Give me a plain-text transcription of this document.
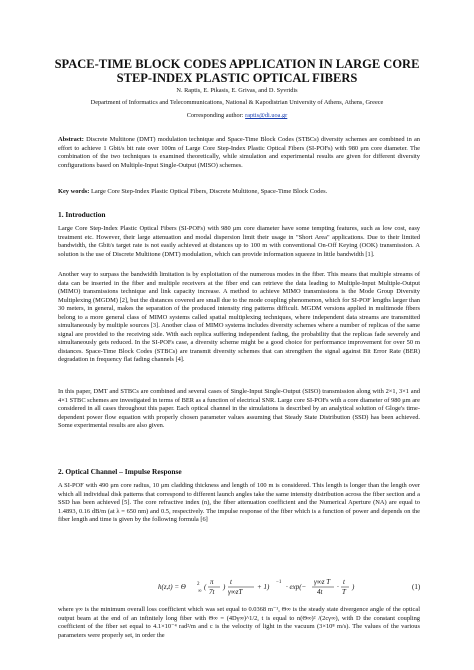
SPACE-TIME BLOCK CODES APPLICATION IN LARGE CORE
STEP-INDEX PLASTIC OPTICAL FIBERS
N. Raptis, E. Pikasis, E. Grivas, and D. Syvridis
Department of Informatics and Telecommunications, National & Kapodistrian University of Athens, Athens, Greece
Corresponding author: raptis@di.uoa.gr
Abstract: Discrete Multitone (DMT) modulation technique and Space-Time Block Codes (STBCs) diversity schemes are combined in an effort to achieve 1 Gbit/s bit rate over 100m of Large Core Step-Index Plastic Optical Fibers (SI-POFs) with 980 μm core diameter. The combination of the two techniques is examined theoretically, while simulation and experimental results are given for different diversity configurations based on Multiple-Input Single-Output (MISO) schemes.
Key words: Large Core Step-Index Plastic Optical Fibers, Discrete Multitone, Space-Time Block Codes.
1. Introduction
Large Core Step-Index Plastic Optical Fibers (SI-POFs) with 980 μm core diameter have some tempting features, such as low cost, easy treatment etc. However, their large attenuation and modal dispersion limit their usage in "Short Area" applications. Due to their limited bandwidth, the Gbit/s target rate is not easily achieved at distances up to 100 m with conventional On-Off Keying (OOK) transmission. A solution is the use of Discrete Multitone (DMT) modulation, which can provide information squeeze in little bandwidth [1].
Another way to surpass the bandwidth limitation is by exploitation of the numerous modes in the fiber. This means that multiple streams of data can be inserted in the fiber and multiple receivers at the fiber end can retrieve the data leading to Multiple-Input Multiple-Output (MIMO) transmissions technique and link capacity increase. A method to achieve MIMO transmissions is the Mode Group Diversity Multiplexing (MGDM) [2], but the distances covered are small due to the mode coupling phenomenon, which for SI-POF lengths larger than 30 meters, in general, makes the separation of the produced intensity ring patterns difficult. MGDM versions applied in multimode fibers belong to a more general class of MIMO systems called spatial multiplexing techniques, where independent data streams are transmitted simultaneously by multiple sources [3]. Another class of MIMO systems includes diversity schemes where a number of replicas of the same signal are provided to the receiving side. With each replica suffering independent fading, the probability that the replicas fade severely and simultaneously gets reduced. In the SI-POFs case, a diversity scheme might be a good choice for performance improvement for over 50 m distances. Space-Time Block Codes (STBCs) are transmit diversity schemes that can strengthen the signal against Bit Error Rate (BER) degradation in frequency flat fading channels [4].
In this paper, DMT and STBCs are combined and several cases of Single-Input Single-Output (SISO) transmission along with 2×1, 3×1 and 4×1 STBC schemes are investigated in terms of BER as a function of electrical SNR. Large core SI-POFs with a core diameter of 980 μm are considered in all cases throughout this paper. Each optical channel in the simulations is described by an analytical solution of Gloge's time-dependent power flow equation with properly chosen parameter values assuming that Steady State Distribution (SSD) has been achieved. Some experimental results are also given.
2. Optical Channel – Impulse Response
A SI-POF with 490 μm core radius, 10 μm cladding thickness and length of 100 m is considered. This length is longer than the length over which all individual disk patterns that correspond to different launch angles take the same intensity distribution across the fiber section and a SSD has been achieved [5]. The core refractive index (n), the fiber attenuation coefficient and the Numerical Aperture (NA) are equal to 1.4893, 0.16 dB/m (at λ = 650 nm) and 0.5, respectively. The impulse response of the fiber which is a function of power and depends on the fiber length and time is given by the following formula [6]
h(z,t) = Θ
∞
2 (
π
7t
)
t
γ∞zT
+ 1)
−1
· exp(−
γ∞z T
4t
·
t
T
)	(1)
where γ∞ is the minimum overall loss coefficient which was set equal to 0.0368 m⁻¹, Θ∞ is the steady state divergence angle of the optical output beam at the end of an infinitely long fiber with Θ∞ = (4Dγ∞)^1/2, t is equal to n(Θ∞)² /(2cγ∞), with D the constant coupling coefficient of the fiber set equal to 4.1×10⁻⁴ rad²/m and c is the velocity of light in the vacuum (3×10⁸ m/s). The values of the various parameters were properly set, in order the
